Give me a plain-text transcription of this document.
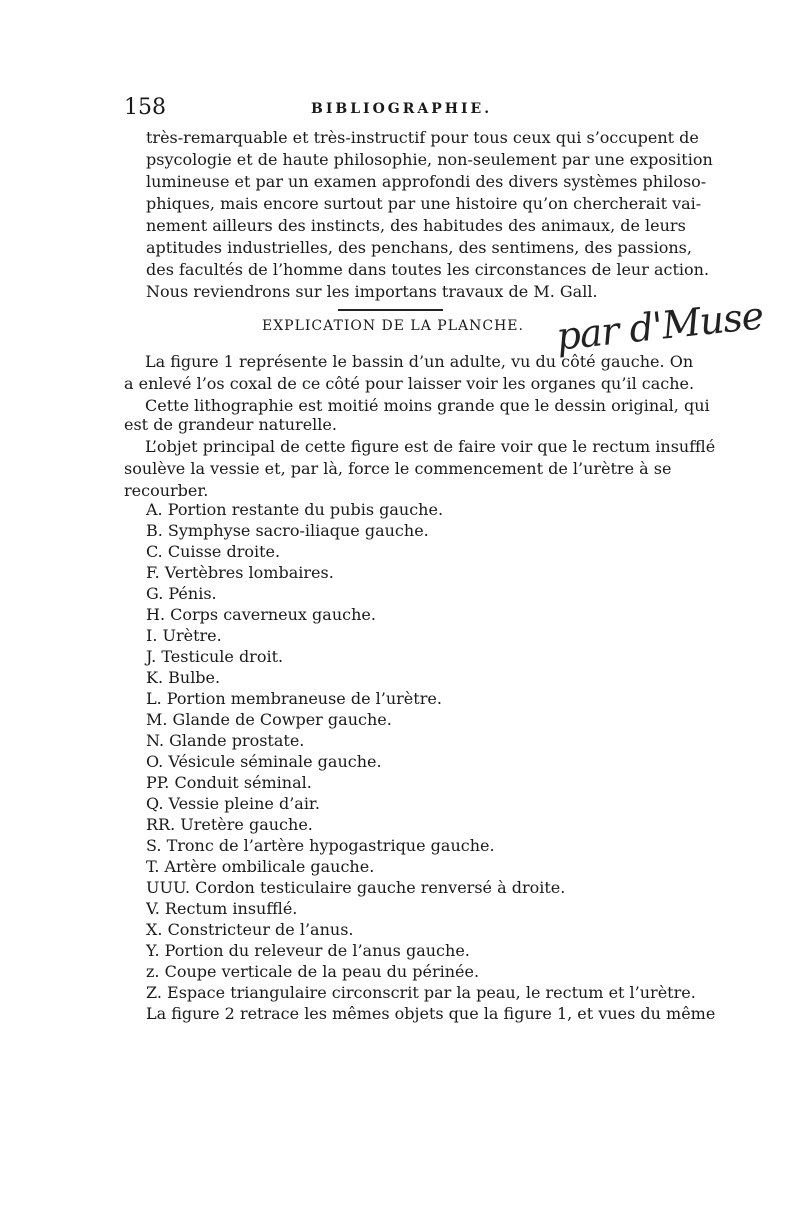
158	BIBLIOGRAPHIE.
très-remarquable et très-instructif pour tous ceux qui s’occupent de
psycologie et de haute philosophie, non-seulement par une exposition
lumineuse et par un examen approfondi des divers systèmes philoso-
phiques, mais encore surtout par une histoire qu’on chercherait vai-
nement ailleurs des instincts, des habitudes des animaux, de leurs
aptitudes industrielles, des penchans, des sentimens, des passions,
des facultés de l’homme dans toutes les circonstances de leur action.
Nous reviendrons sur les importans travaux de M. Gall.
EXPLICATION DE LA PLANCHE. par d'Muse
La figure 1 représente le bassin d’un adulte, vu du côté gauche. On
a enlevé l’os coxal de ce côté pour laisser voir les organes qu’il cache.
Cette lithographie est moitié moins grande que le dessin original, qui
est de grandeur naturelle.
L’objet principal de cette figure est de faire voir que le rectum insufflé
soulève la vessie et, par là, force le commencement de l’urètre à se
recourber.
A. Portion restante du pubis gauche.
B. Symphyse sacro-iliaque gauche.
C. Cuisse droite.
F. Vertèbres lombaires.
G. Pénis.
H. Corps caverneux gauche.
I. Urètre.
J. Testicule droit.
K. Bulbe.
L. Portion membraneuse de l’urètre.
M. Glande de Cowper gauche.
N. Glande prostate.
O. Vésicule séminale gauche.
PP. Conduit séminal.
Q. Vessie pleine d’air.
RR. Uretère gauche.
S. Tronc de l’artère hypogastrique gauche.
T. Artère ombilicale gauche.
UUU. Cordon testiculaire gauche renversé à droite.
V. Rectum insufflé.
X. Constricteur de l’anus.
Y. Portion du releveur de l’anus gauche.
z. Coupe verticale de la peau du périnée.
Z. Espace triangulaire circonscrit par la peau, le rectum et l’urètre.
La figure 2 retrace les mêmes objets que la figure 1, et vues du même
